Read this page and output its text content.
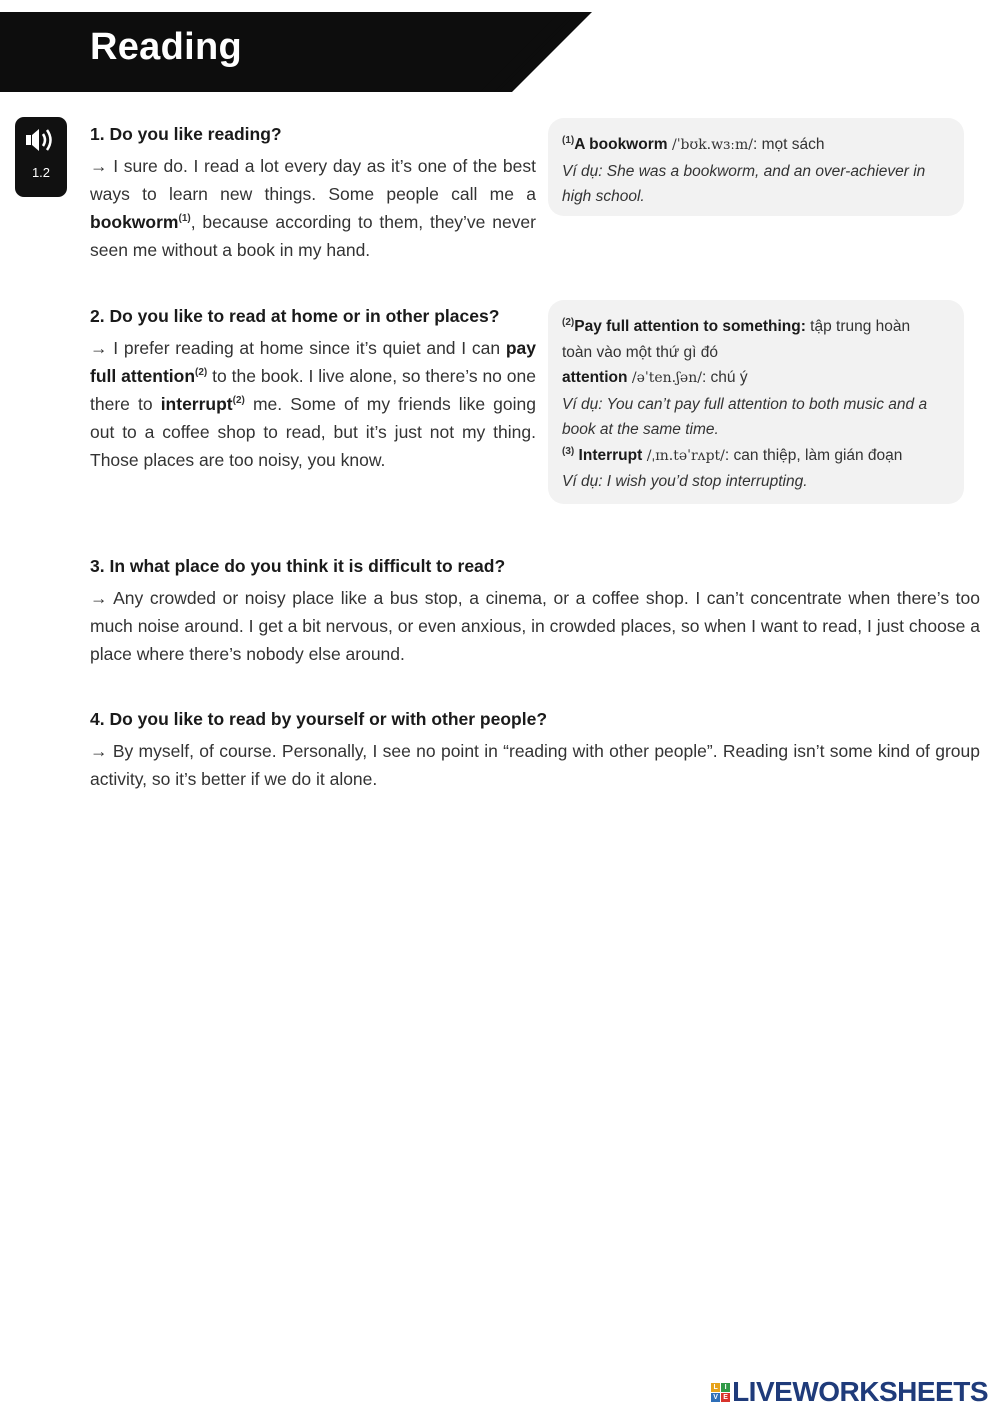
Reading
1.2

1. Do you like reading?

→ I sure do. I read a lot every day as it’s one of the best ways to learn new things. Some people call me a bookworm$^{(1)}$, because according to them, they’ve never seen me without a book in my hand.

2. Do you like to read at home or in other places?

→ I prefer reading at home since it’s quiet and I can pay full attention$^{(2)}$ to the book. I live alone, so there’s no one there to interrupt$^{(2)}$ me. Some of my friends like going out to a coffee shop to read, but it’s just not my thing. Those places are too noisy, you know.

3. In what place do you think it is difficult to read?

→ Any crowded or noisy place like a bus stop, a cinema, or a coffee shop. I can’t concentrate when there’s too much noise around. I get a bit nervous, or even anxious, in crowded places, so when I want to read, I just choose a place where there’s nobody else around.

4. Do you like to read by yourself or with other people?

→ By myself, of course. Personally, I see no point in “reading with other people”. Reading isn’t some kind of group activity, so it’s better if we do it alone.

$^{(1)}$A bookworm /ˈbʊk.wɜːm/: mọt sách

Ví dụ: She was a bookworm, and an over-achiever in high school.

$^{(2)}$Pay full attention to something: tập trung hoàn toàn vào một thứ gì đó

attention /əˈten.ʃən/: chú ý

Ví dụ: You can’t pay full attention to both music and a book at the same time.

$^{(3)}$ Interrupt /ˌɪn.təˈrʌpt/: can thiệp, làm gián đoạn

Ví dụ: I wish you’d stop interrupting.

L I
V E LIVEWORKSHEETS
